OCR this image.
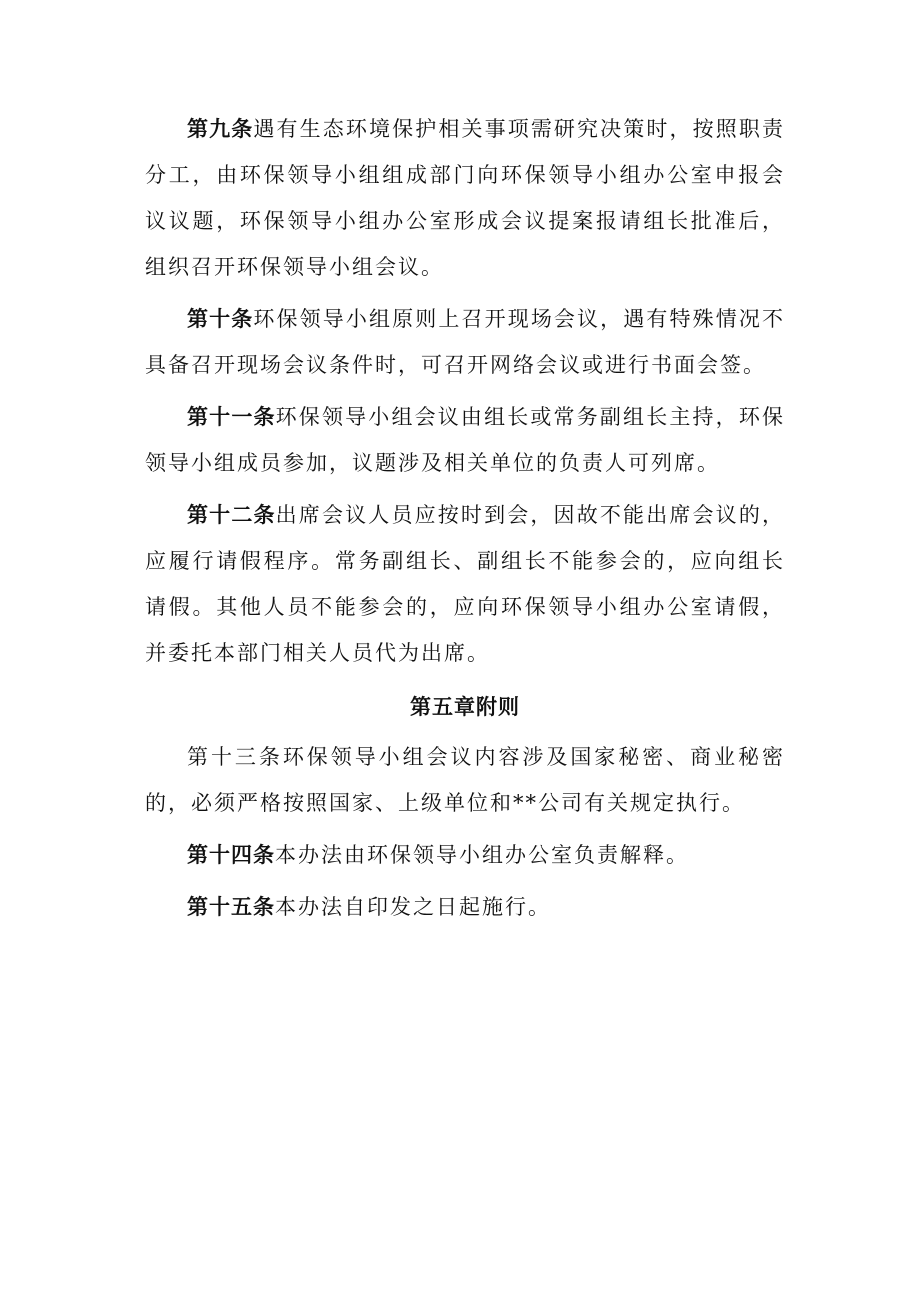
第九条遇有生态环境保护相关事项需研究决策时，按照职责分工，由环保领导小组组成部门向环保领导小组办公室申报会议议题，环保领导小组办公室形成会议提案报请组长批准后，组织召开环保领导小组会议。

第十条环保领导小组原则上召开现场会议，遇有特殊情况不具备召开现场会议条件时，可召开网络会议或进行书面会签。

第十一条环保领导小组会议由组长或常务副组长主持，环保领导小组成员参加，议题涉及相关单位的负责人可列席。

第十二条出席会议人员应按时到会，因故不能出席会议的，应履行请假程序。常务副组长、副组长不能参会的，应向组长请假。其他人员不能参会的，应向环保领导小组办公室请假，并委托本部门相关人员代为出席。

第五章附则

第十三条环保领导小组会议内容涉及国家秘密、商业秘密的，必须严格按照国家、上级单位和**公司有关规定执行。

第十四条本办法由环保领导小组办公室负责解释。

第十五条本办法自印发之日起施行。
